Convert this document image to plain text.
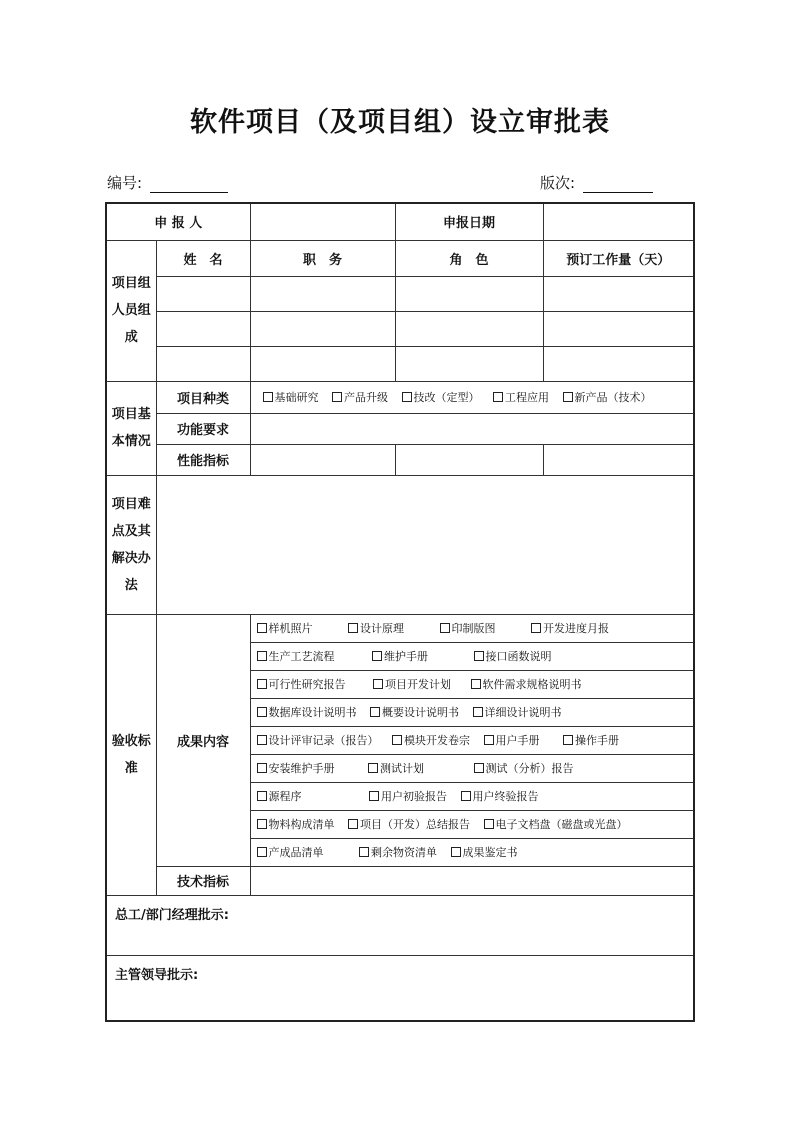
软件项目（及项目组）设立审批表
编号:	版次:
申 报 人			申报日期	
项目组人员组成	姓　名	职　务	角　色	预订工作量（天）

项目基本情况	项目种类	基础研究 产品升级 技改（定型） 工程应用 新产品（技术）		
	功能要求			
	性能指标			
项目难点及其解决办法				
验收标准	成果内容	样机照片 设计原理 印制版图 开发进度月报		
		生产工艺流程 维护手册 接口函数说明		
		可行性研究报告 项目开发计划 软件需求规格说明书		
		数据库设计说明书 概要设计说明书 详细设计说明书		
		设计评审记录（报告） 模块开发卷宗 用户手册 操作手册		
		安装维护手册 测试计划 测试（分析）报告		
		源程序 用户初验报告 用户终验报告		
		物料构成清单 项目（开发）总结报告 电子文档盘（磁盘或光盘）		
		产成品清单 剩余物资清单 成果鉴定书		
	技术指标			
总工/部门经理批示:				
主管领导批示:				
